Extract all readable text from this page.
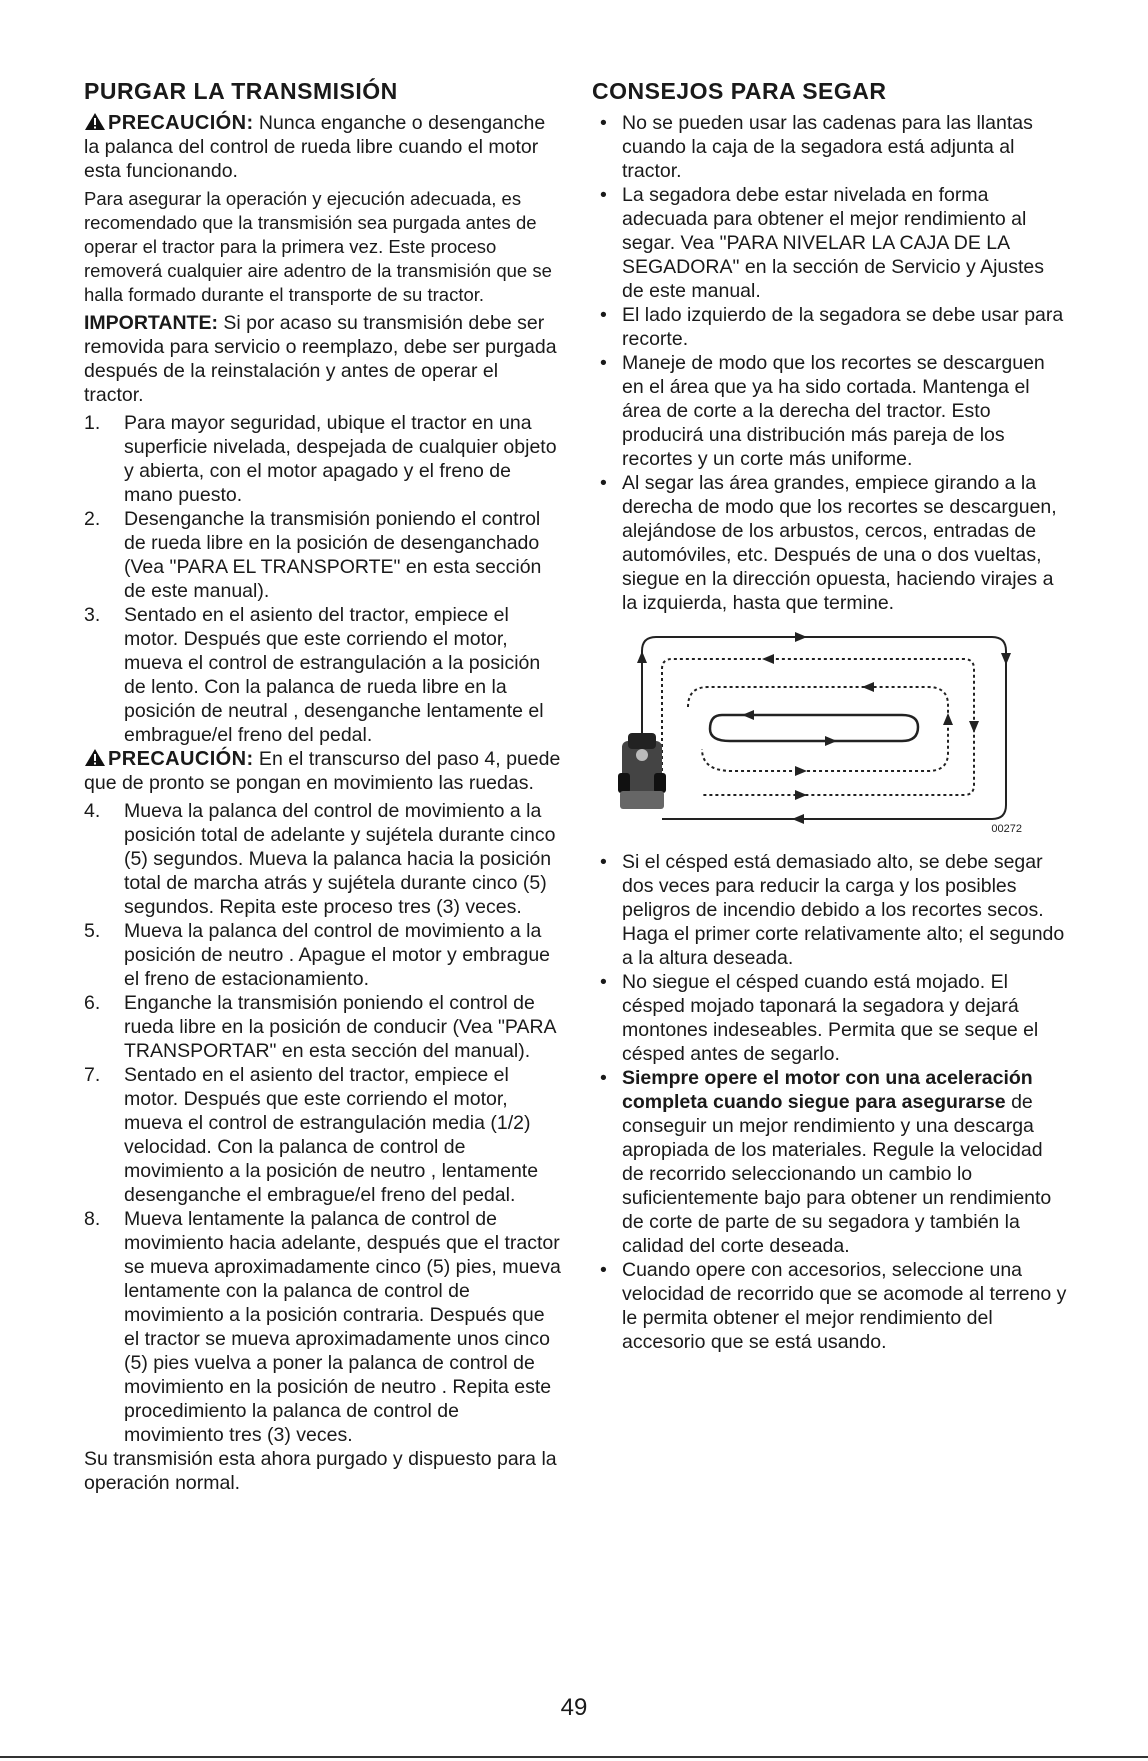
PURGAR LA TRANSMISIÓN

PRECAUCIÓN: Nunca enganche o desenganche la palanca del control de rueda libre cuando el motor esta funcionando.

Para asegurar la operación y ejecución adecuada, es recomendado que la transmisión sea purgada antes de operar el tractor para la primera vez. Este proceso removerá cualquier aire adentro de la transmisión que se halla formado durante el transporte de su tractor.

IMPORTANTE: Si por acaso su transmisión debe ser removida para servicio o reemplazo, debe ser purgada después de la reinstalación y antes de operar el tractor.

1. Para mayor seguridad, ubique el tractor en una superficie nivelada, despejada de cualquier objeto y abierta, con el motor apagado y el freno de mano puesto.
2. Desenganche la transmisión poniendo el control de rueda libre en la posición de desenganchado (Vea "PARA EL TRANSPORTE" en esta sección de este manual).
3. Sentado en el asiento del tractor, empiece el motor. Después que este corriendo el motor, mueva el control de estrangulación a la posición de lento. Con la palanca de rueda libre en la posición de neutral , desenganche lentamente el embrague/el freno del pedal.

PRECAUCIÓN: En el transcurso del paso 4, puede que de pronto se pongan en movimiento las ruedas.

4. Mueva la palanca del control de movimiento a la posición total de adelante y sujétela durante cinco (5) segundos. Mueva la palanca hacia la posición total de marcha atrás y sujétela durante cinco (5) segundos. Repita este proceso tres (3) veces.
5. Mueva la palanca del control de movimiento a la posición de neutro . Apague el motor y embrague el freno de estacionamiento.
6. Enganche la transmisión poniendo el control de rueda libre en la posición de conducir (Vea "PARA TRANSPORTAR" en esta sección del manual).
7. Sentado en el asiento del tractor, empiece el motor. Después que este corriendo el motor, mueva el control de estrangulación media (1/2) velocidad. Con la palanca de control de movimiento a la posición de neutro , lentamente desenganche el embrague/el freno del pedal.
8. Mueva lentamente la palanca de control de movimiento hacia adelante, después que el tractor se mueva aproximadamente cinco (5) pies, mueva lentamente con la palanca de control de movimiento a la posición contraria. Después que el tractor se mueva aproximadamente unos cinco (5) pies vuelva a poner la palanca de control de movimiento en la posición de neutro . Repita este procedimiento la palanca de control de movimiento tres (3) veces.

Su transmisión esta ahora purgado y dispuesto para la operación normal.

CONSEJOS PARA SEGAR
• No se pueden usar las cadenas para las llantas cuando la caja de la segadora está adjunta al tractor.
• La segadora debe estar nivelada en forma adecuada para obtener el mejor rendimiento al segar. Vea "PARA NIVELAR LA CAJA DE LA SEGADORA" en la sección de Servicio y Ajustes de este manual.
• El lado izquierdo de la segadora se debe usar para recorte.
• Maneje de modo que los recortes se descarguen en el área que ya ha sido cortada. Mantenga el área de corte a la derecha del tractor. Esto producirá una distribución más pareja de los recortes y un corte más uniforme.
• Al segar las área grandes, empiece girando a la derecha de modo que los recortes se descarguen, alejándose de los arbustos, cercos, entradas de automóviles, etc. Después de una o dos vueltas, siegue en la dirección opuesta, haciendo virajes a la izquierda, hasta que termine.
00272
• Si el césped está demasiado alto, se debe segar dos veces para reducir la carga y los posibles peligros de incendio debido a los recortes secos. Haga el primer corte relativamente alto; el segundo a la altura deseada.
• No siegue el césped cuando está mojado. El césped mojado taponará la segadora y dejará montones indeseables. Permita que se seque el césped antes de segarlo.
• Siempre opere el motor con una aceleración completa cuando siegue para asegurarse de conseguir un mejor rendimiento y una descarga apropiada de los materiales. Regule la velocidad de recorrido seleccionando un cambio lo suficientemente bajo para obtener un rendimiento de corte de parte de su segadora y también la calidad del corte deseada.
• Cuando opere con accesorios, seleccione una velocidad de recorrido que se acomode al terreno y le permita obtener el mejor rendimiento del accesorio que se está usando.
49
